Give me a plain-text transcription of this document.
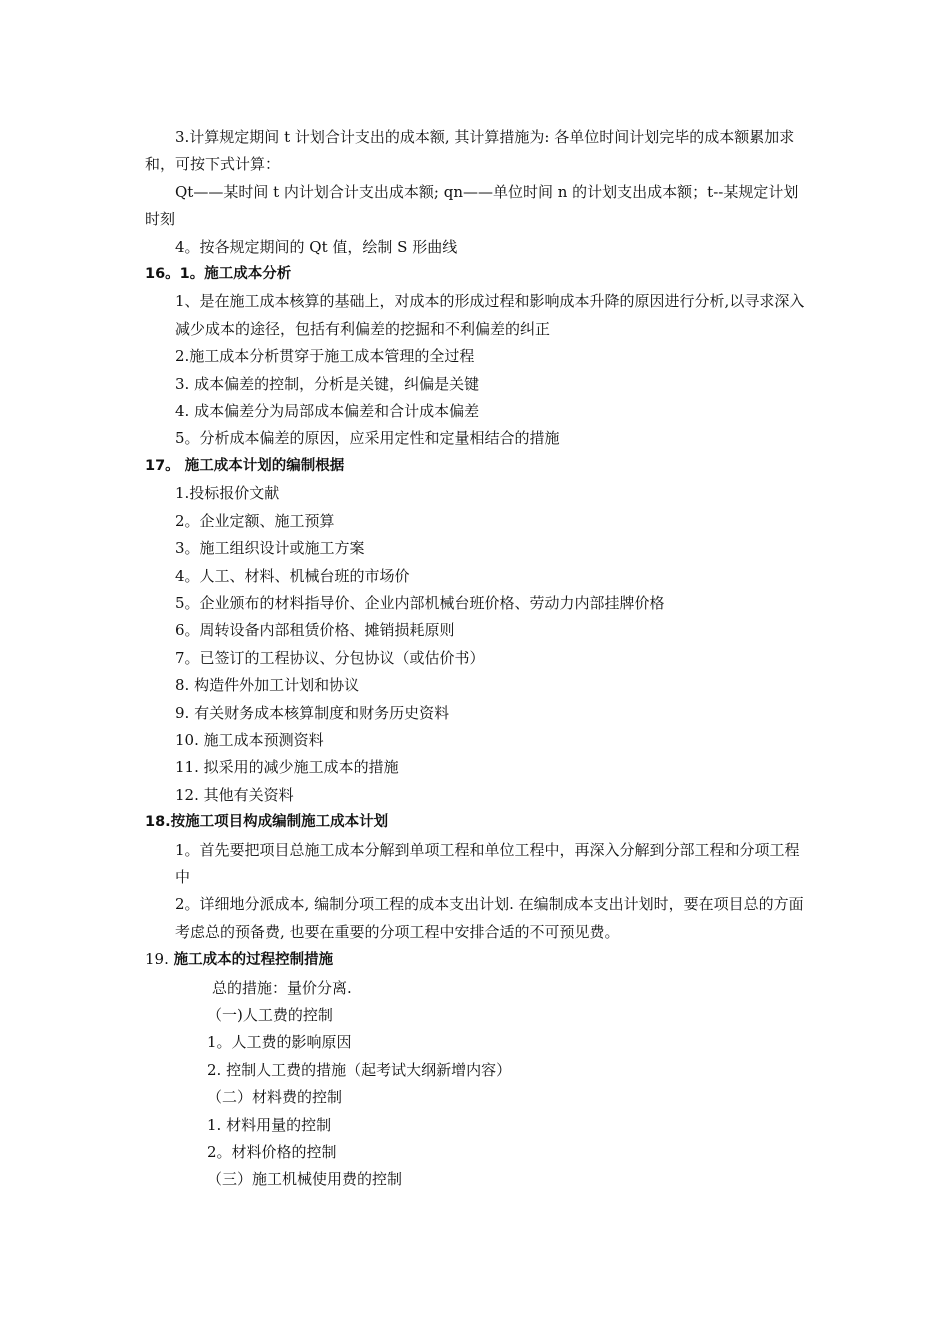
3.计算规定期间 t 计划合计支出的成本额, 其计算措施为: 各单位时间计划完毕的成本额累加求和，可按下式计算：

Qt——某时间 t 内计划合计支出成本额; qn——单位时间 n 的计划支出成本额；t--某规定计划时刻

4。按各规定期间的 Qt 值，绘制 S 形曲线

16。1。施工成本分析

1、是在施工成本核算的基础上，对成本的形成过程和影响成本升降的原因进行分析,以寻求深入减少成本的途径，包括有利偏差的挖掘和不利偏差的纠正

2.施工成本分析贯穿于施工成本管理的全过程

3. 成本偏差的控制，分析是关键，纠偏是关键

4. 成本偏差分为局部成本偏差和合计成本偏差

5。分析成本偏差的原因，应采用定性和定量相结合的措施

17。 施工成本计划的编制根据

1.投标报价文献

2。企业定额、施工预算

3。施工组织设计或施工方案

4。人工、材料、机械台班的市场价

5。企业颁布的材料指导价、企业内部机械台班价格、劳动力内部挂牌价格

6。周转设备内部租赁价格、摊销损耗原则

7。已签订的工程协议、分包协议（或估价书）

8. 构造件外加工计划和协议

9. 有关财务成本核算制度和财务历史资料

10. 施工成本预测资料

11. 拟采用的减少施工成本的措施

12. 其他有关资料

18.按施工项目构成编制施工成本计划

1。首先要把项目总施工成本分解到单项工程和单位工程中，再深入分解到分部工程和分项工程中

2。详细地分派成本, 编制分项工程的成本支出计划. 在编制成本支出计划时，要在项目总的方面考虑总的预备费, 也要在重要的分项工程中安排合适的不可预见费。

19. 施工成本的过程控制措施

总的措施：量价分离.

（一)人工费的控制

1。人工费的影响原因

2. 控制人工费的措施（起考试大纲新增内容）

（二）材料费的控制

1. 材料用量的控制

2。材料价格的控制

（三）施工机械使用费的控制
